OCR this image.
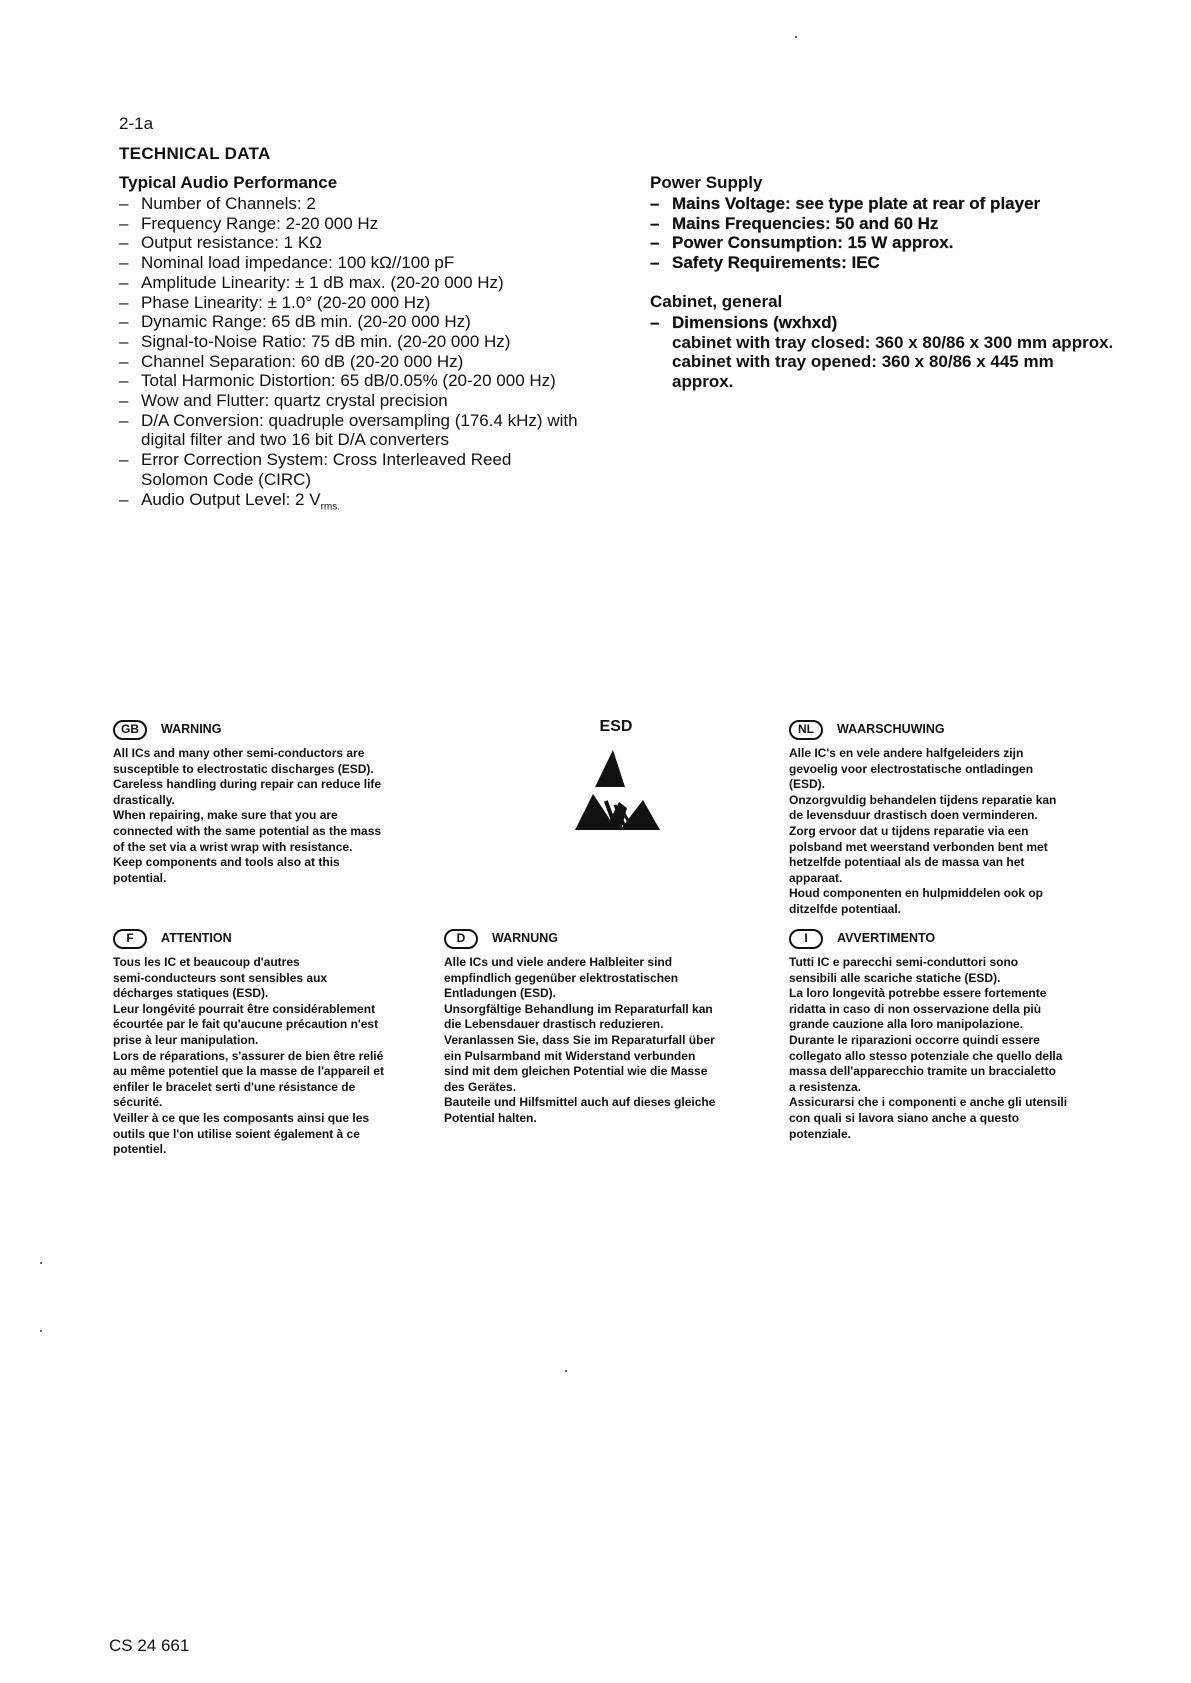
2-1a
TECHNICAL DATA
Typical Audio Performance
– Number of Channels: 2
– Frequency Range: 2-20 000 Hz
– Output resistance: 1 KΩ
– Nominal load impedance: 100 kΩ//100 pF
– Amplitude Linearity: ± 1 dB max. (20-20 000 Hz)
– Phase Linearity: ± 1.0° (20-20 000 Hz)
– Dynamic Range: 65 dB min. (20-20 000 Hz)
– Signal-to-Noise Ratio: 75 dB min. (20-20 000 Hz)
– Channel Separation: 60 dB (20-20 000 Hz)
– Total Harmonic Distortion: 65 dB/0.05% (20-20 000 Hz)
– Wow and Flutter: quartz crystal precision
– D/A Conversion: quadruple oversampling (176.4 kHz) with digital filter and two 16 bit D/A converters
– Error Correction System: Cross Interleaved Reed Solomon Code (CIRC)
– Audio Output Level: 2 $V_{rms.}$
Power Supply
– Mains Voltage: see type plate at rear of player
– Mains Frequencies: 50 and 60 Hz
– Power Consumption: 15 W approx.
– Safety Requirements: IEC
Cabinet, general
– Dimensions (wxhxd)
cabinet with tray closed: 360 x 80/86 x 300 mm approx.
cabinet with tray opened: 360 x 80/86 x 445 mm approx.
ESD
GB	WARNING

All ICs and many other semi-conductors are

susceptible to electrostatic discharges (ESD).

Careless handling during repair can reduce life

drastically.

When repairing, make sure that you are

connected with the same potential as the mass

of the set via a wrist wrap with resistance.

Keep components and tools also at this

potential.

NL	WAARSCHUWING

Alle IC's en vele andere halfgeleiders zijn

gevoelig voor electrostatische ontladingen

(ESD).

Onzorgvuldig behandelen tijdens reparatie kan

de levensduur drastisch doen verminderen.

Zorg ervoor dat u tijdens reparatie via een

polsband met weerstand verbonden bent met

hetzelfde potentiaal als de massa van het

apparaat.

Houd componenten en hulpmiddelen ook op

ditzelfde potentiaal.

F	ATTENTION

Tous les IC et beaucoup d'autres

semi-conducteurs sont sensibles aux

décharges statiques (ESD).

Leur longévité pourrait être considérablement

écourtée par le fait qu'aucune précaution n'est

prise à leur manipulation.

Lors de réparations, s'assurer de bien être relié

au même potentiel que la masse de l'appareil et

enfiler le bracelet serti d'une résistance de

sécurité.

Veiller à ce que les composants ainsi que les

outils que l'on utilise soient également à ce

potentiel.

D	WARNUNG

Alle ICs und viele andere Halbleiter sind

empfindlich gegenüber elektrostatischen

Entladungen (ESD).

Unsorgfältige Behandlung im Reparaturfall kan

die Lebensdauer drastisch reduzieren.

Veranlassen Sie, dass Sie im Reparaturfall über

ein Pulsarmband mit Widerstand verbunden

sind mit dem gleichen Potential wie die Masse

des Gerätes.

Bauteile und Hilfsmittel auch auf dieses gleiche

Potential halten.

I	AVVERTIMENTO

Tutti IC e parecchi semi-conduttori sono

sensibili alle scariche statiche (ESD).

La loro longevità potrebbe essere fortemente

ridatta in caso di non osservazione della più

grande cauzione alla loro manipolazione.

Durante le riparazioni occorre quindi essere

collegato allo stesso potenziale che quello della

massa dell'apparecchio tramite un braccialetto

a resistenza.

Assicurarsi che i componenti e anche gli utensili

con quali si lavora siano anche a questo

potenziale.

CS 24 661
